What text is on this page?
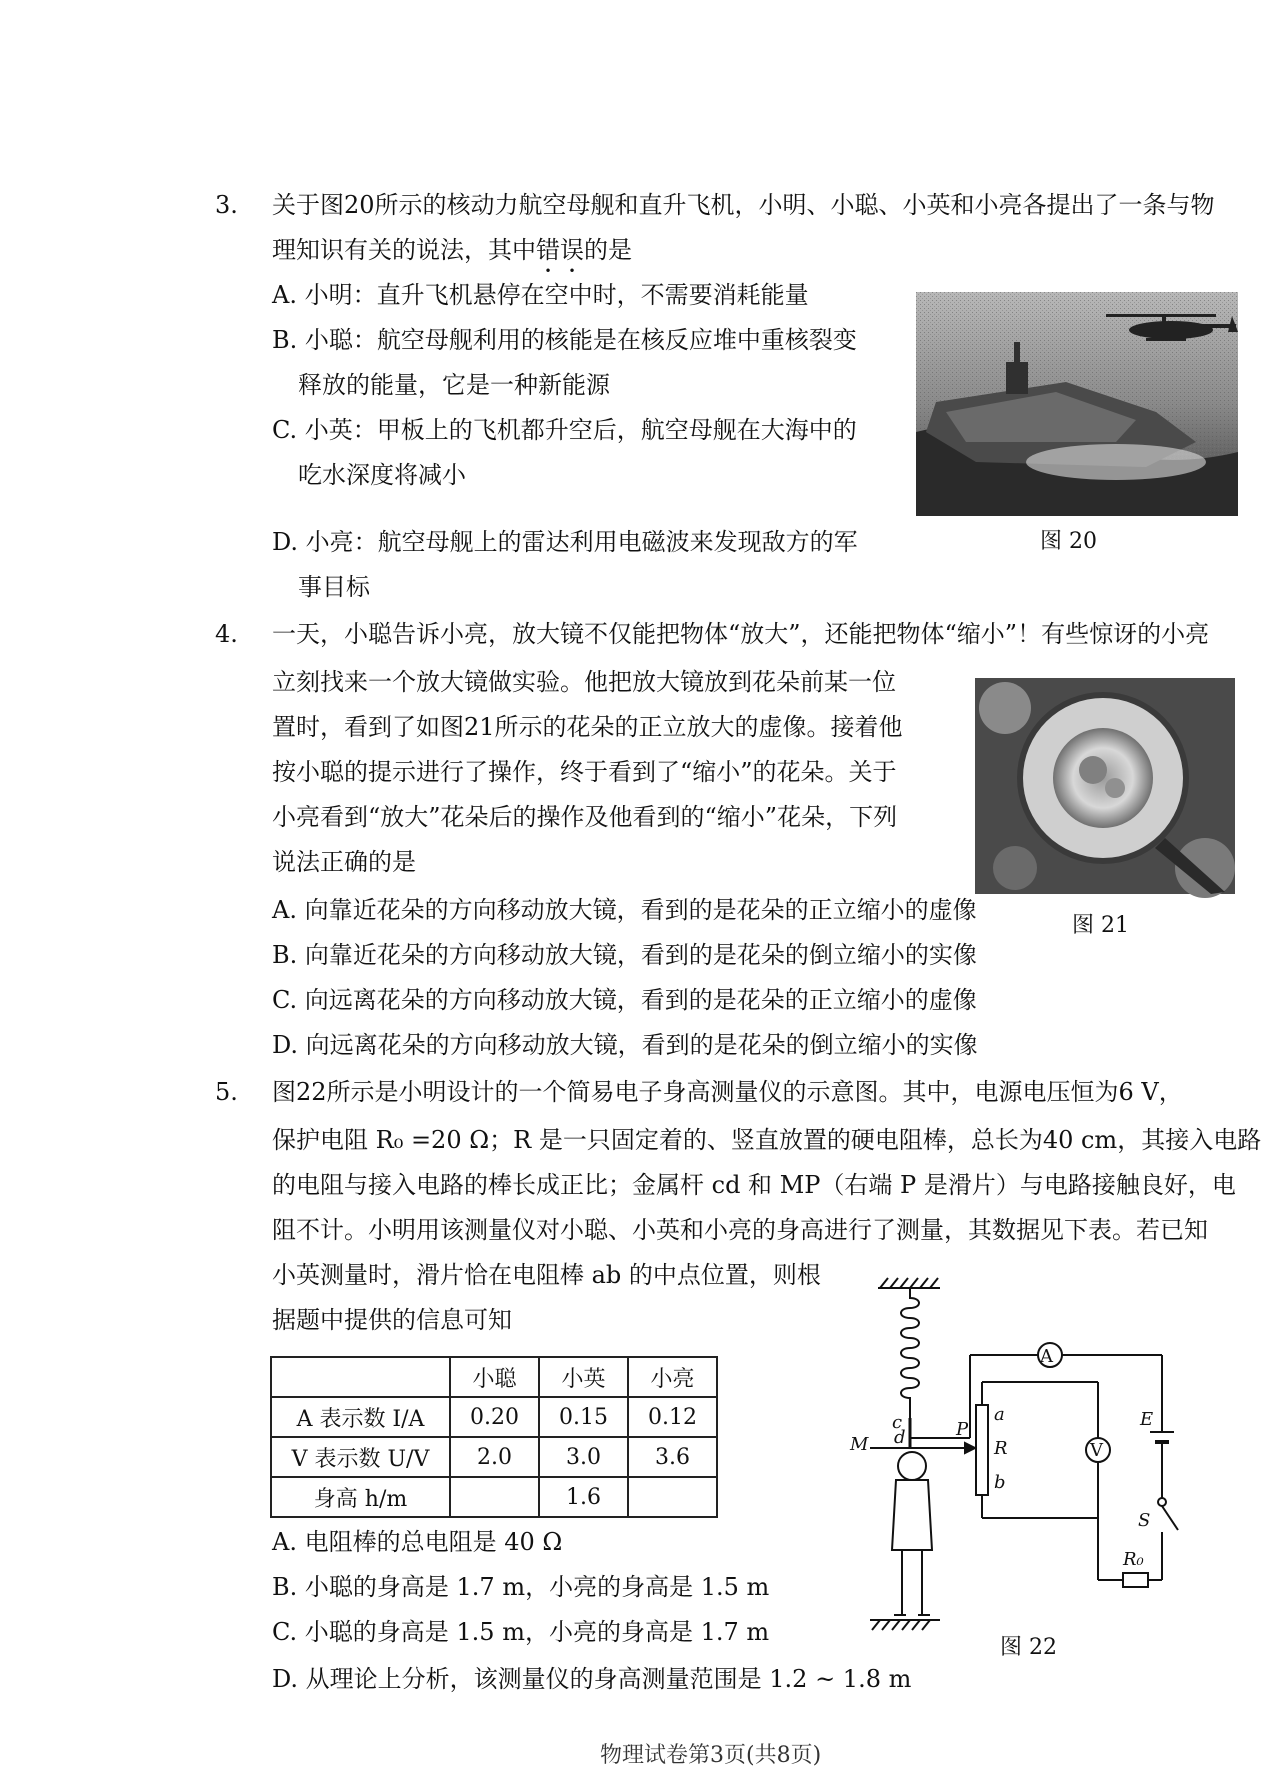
3. 关于图20所示的核动力航空母舰和直升飞机，小明、小聪、小英和小亮各提出了一条与物
理知识有关的说法，其中错误的是
A. 小明：直升飞机悬停在空中时，不需要消耗能量
B. 小聪：航空母舰利用的核能是在核反应堆中重核裂变
释放的能量，它是一种新能源
C. 小英：甲板上的飞机都升空后，航空母舰在大海中的
吃水深度将减小
D. 小亮：航空母舰上的雷达利用电磁波来发现敌方的军
事目标
图 20
4. 一天，小聪告诉小亮，放大镜不仅能把物体“放大”，还能把物体“缩小”！有些惊讶的小亮
立刻找来一个放大镜做实验。他把放大镜放到花朵前某一位
置时，看到了如图21所示的花朵的正立放大的虚像。接着他
按小聪的提示进行了操作，终于看到了“缩小”的花朵。关于
小亮看到“放大”花朵后的操作及他看到的“缩小”花朵，下列
说法正确的是
A. 向靠近花朵的方向移动放大镜，看到的是花朵的正立缩小的虚像
B. 向靠近花朵的方向移动放大镜，看到的是花朵的倒立缩小的实像
C. 向远离花朵的方向移动放大镜，看到的是花朵的正立缩小的虚像
D. 向远离花朵的方向移动放大镜，看到的是花朵的倒立缩小的实像
图 21
5. 图22所示是小明设计的一个简易电子身高测量仪的示意图。其中，电源电压恒为6 V，
保护电阻 R₀ =20 Ω；R 是一只固定着的、竖直放置的硬电阻棒，总长为40 cm，其接入电路
的电阻与接入电路的棒长成正比；金属杆 cd 和 MP（右端 P 是滑片）与电路接触良好，电
阻不计。小明用该测量仪对小聪、小英和小亮的身高进行了测量，其数据见下表。若已知
小英测量时，滑片恰在电阻棒 ab 的中点位置，则根
据题中提供的信息可知
	小聪	小英	小亮
A 表示数 I/A	0.20	0.15	0.12
V 表示数 U/V	2.0	3.0	3.6
身高 h/m		1.6	
A. 电阻棒的总电阻是 40 Ω
B. 小聪的身高是 1.7 m，小亮的身高是 1.5 m
C. 小聪的身高是 1.5 m，小亮的身高是 1.7 m
D. 从理论上分析，该测量仪的身高测量范围是 1.2 ~ 1.8 m
A
V
E
S
R₀
c
d
M
P
a
R
b
图 22
物理试卷第3页(共8页)
